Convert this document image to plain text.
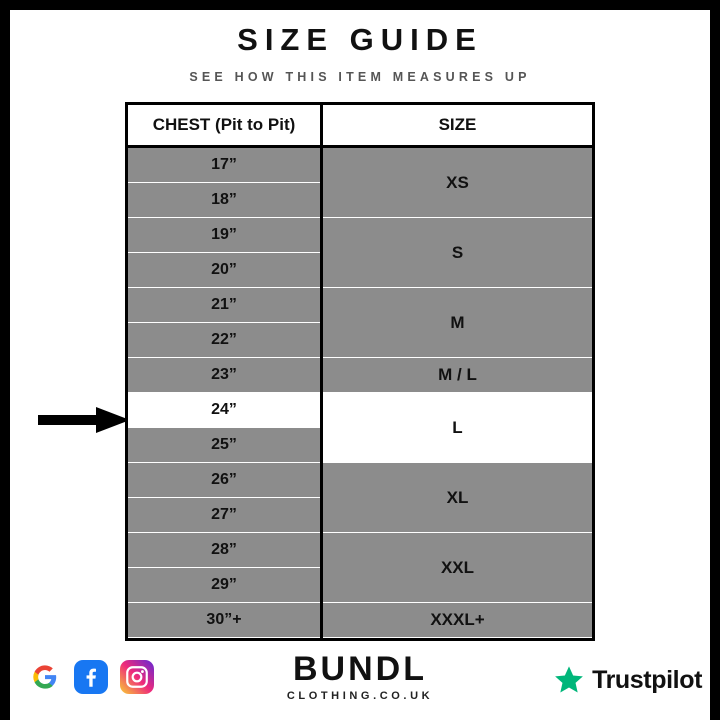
SIZE GUIDE
SEE HOW THIS ITEM MEASURES UP
CHEST (Pit to Pit)	SIZE
17”
18”
19”
20”
21”
22”
23”
24”
25”
26”
27”
28”
29”
30”+
XS
S
M
M / L
L
XL
XXL
XXXL+
BUNDL
CLOTHING.CO.UK
Trustpilot
